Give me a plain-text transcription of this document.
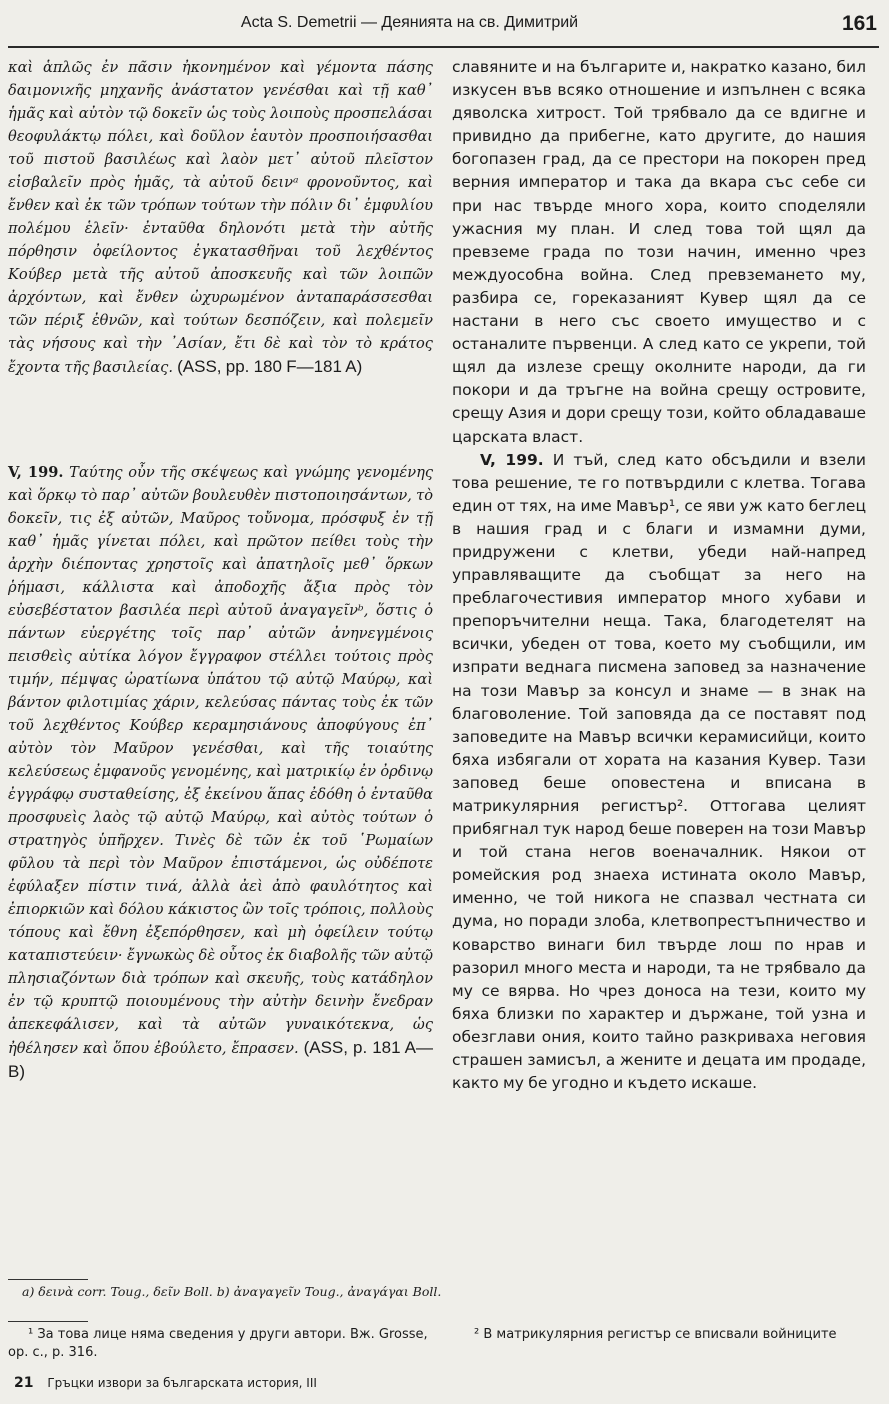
Acta S. Demetrii — Деянията на св. Димитрий	161

καὶ ἁπλῶς ἐν πᾶσιν ἠκονημένον καὶ γέμοντα πάσης δαιμονιϰῆς μηχανῆς ἀνάστατον γενέσθαι καὶ τῇ καθ᾽ ἡμᾶς καὶ αὐτὸν τῷ δοκεῖν ὡς τοὺς λοιποὺς προσπελάσαι θεοφυλάκτῳ πόλει, καὶ δοῦλον ἑαυτὸν προσποιήσασθαι τοῦ πιστοῦ βασιλέως καὶ λαὸν μετ᾽ αὐτοῦ πλεῖστον εἰσβαλεῖν πρὸς ἡμᾶς, τὰ αὐτοῦ δεινᵃ φρονοῦντος, καὶ ἔνθεν καὶ ἐκ τῶν τρόπων τούτων τὴν πόλιν δι᾽ ἐμφυλίου πολέμου ἑλεῖν· ἐνταῦθα δηλονότι μετὰ τὴν αὐτῆς πόρθησιν ὀφείλοντος ἐγκατασθῆναι τοῦ λεχθέντος Κούβερ μετὰ τῆς αὐτοῦ ἀποσκευῆς καὶ τῶν λοιπῶν ἀρχόντων, καὶ ἔνθεν ὠχυρωμένον ἀνταπαράσσεσθαι τῶν πέριξ ἐθνῶν, καὶ τούτων δεσπόζειν, καὶ πολεμεῖν τὰς νήσους καὶ τὴν ᾽Ασίαν, ἔτι δὲ καὶ τὸν τὸ κράτος ἔχοντα τῆς βασιλείας. (ASS, pp. 180 F—181 A)

V, 199. Ταύτης οὖν τῆς σκέψεως καὶ γνώμης γενομένης καὶ ὅρκῳ τὸ παρ᾽ αὐτῶν βουλευθὲν πιστοποιησάντων, τὸ δοκεῖν, τις ἐξ αὐτῶν, Μαῦρος τοὔνομα, πρόσφυξ ἐν τῇ καθ᾽ ἡμᾶς γίνεται πόλει, καὶ πρῶτον πείθει τοὺς τὴν ἀρχὴν διέποντας χρηστοῖς καὶ ἀπατηλοῖς μεθ᾽ ὅρκων ῥήμασι, κάλλιστα καὶ ἀποδοχῆς ἄξια πρὸς τὸν εὐσεβέστατον βασιλέα περὶ αὐτοῦ ἀναγαγεῖνᵇ, ὅστις ὁ πάντων εὐεργέτης τοῖς παρ᾽ αὐτῶν ἀνηνεγμένοις πεισθεὶς αὐτίκα λόγον ἔγγραφον στέλλει τούτοις πρὸς τιμήν, πέμψας ὠρατίωνα ὑπάτου τῷ αὐτῷ Μαύρῳ, καὶ βάντον φιλοτιμίας χάριν, κελεύσας πάντας τοὺς ἐκ τῶν τοῦ λεχθέντος Κούβερ κεραμησιάνους ἀποφύγους ἐπ᾽ αὐτὸν τὸν Μαῦρον γενέσθαι, καὶ τῆς τοιαύτης κελεύσεως ἐμφανοῦς γενομένης, καὶ ματρικίῳ ἐν ὀρδινῳ ἐγγράφῳ συσταθείσης, ἐξ ἐκείνου ἅπας ἐδόθη ὁ ἐνταῦθα προσφυεὶς λαὸς τῷ αὐτῷ Μαύρῳ, καὶ αὐτὸς τούτων ὁ στρατηγὸς ὑπῆρχεν. Τινὲς δὲ τῶν ἐκ τοῦ ῾Ρωμαίων φῦλου τὰ περὶ τὸν Μαῦρον ἐπιστάμενοι, ὡς οὐδέποτε ἐφύλαξεν πίστιν τινά, ἀλλὰ ἀεὶ ἀπὸ φαυλότητος καὶ ἐπιορκιῶν καὶ δόλου κάκιστος ὢν τοῖς τρόποις, πολλοὺς τόπους καὶ ἔθνη ἐξεπόρθησεν, καὶ μὴ ὀφείλειν τούτῳ καταπιστεύειν· ἔγνωκὼς δὲ οὗτος ἐκ διαβολῆς τῶν αὐτῷ πλησιαζόντων διὰ τρόπων καὶ σκευῆς, τοὺς κατάδηλον ἐν τῷ κρυπτῷ ποιουμένους τὴν αὐτὴν δεινὴν ἔνεδραν ἀπεκεφάλισεν, καὶ τὰ αὐτῶν γυναικότεκνα, ὡς ἠθέλησεν καὶ ὅπου ἐβούλετο, ἔπρασεν. (ASS, p. 181 A—B)

славяните и на българите и, накратко казано, бил изкусен във всяко отношение и изпълнен с всяка дяволска хитрост. Той трябвало да се вдигне и привидно да прибегне, като другите, до нашия богопазен град, да се престори на покорен пред верния император и така да вкара със себе си при нас твърде много хора, които споделяли ужасния му план. И след това той щял да превземе града по този начин, именно чрез междуособна война. След превземането му, разбира се, гореказаният Кувер щял да се настани в него със своето имущество и с останалите първенци. А след като се укрепи, той щял да излезе срещу околните народи, да ги покори и да тръгне на война срещу островите, срещу Азия и дори срещу този, който обладаваше царската власт.

V, 199. И тъй, след като обсъдили и взели това решение, те го потвърдили с клетва. Тогава един от тях, на име Мавър¹, се яви уж като беглец в нашия град и с благи и измамни думи, придружени с клетви, убеди най-напред управляващите да съобщат за него на преблагочестивия император много хубави и препоръчителни неща. Така, благодетелят на всички, убеден от това, което му съобщили, им изпрати веднага писмена заповед за назначение на този Мавър за консул и знаме — в знак на благоволение. Той заповяда да се поставят под заповедите на Мавър всички керамисийци, които бяха избягали от хората на казания Кувер. Тази заповед беше оповестена и вписана в матрикулярния регистър². Оттогава целият прибягнал тук народ беше поверен на този Мавър и той стана негов военачалник. Някои от ромейския род знаеха истината около Мавър, именно, че той никога не спазвал честната си дума, но поради злоба, клетвопрестъпничество и коварство винаги бил твърде лош по нрав и разорил много места и народи, та не трябвало да му се вярва. Но чрез доноса на тези, които му бяха близки по характер и държане, той узна и обезглави ония, които тайно разкриваха неговия страшен замисъл, а жените и децата им продаде, както му бе угодно и където искаше.

a) δεινὰ corr. Toug., δεῖν Boll. b) ἀναγαγεῖν Toug., ἀναγάγαι Boll.
¹ За това лице няма сведения у други автори. Вж. Grosse, op. c., p. 316.
² В матрикулярния регистър се вписвали войниците
21 Гръцки извори за българската история, III
